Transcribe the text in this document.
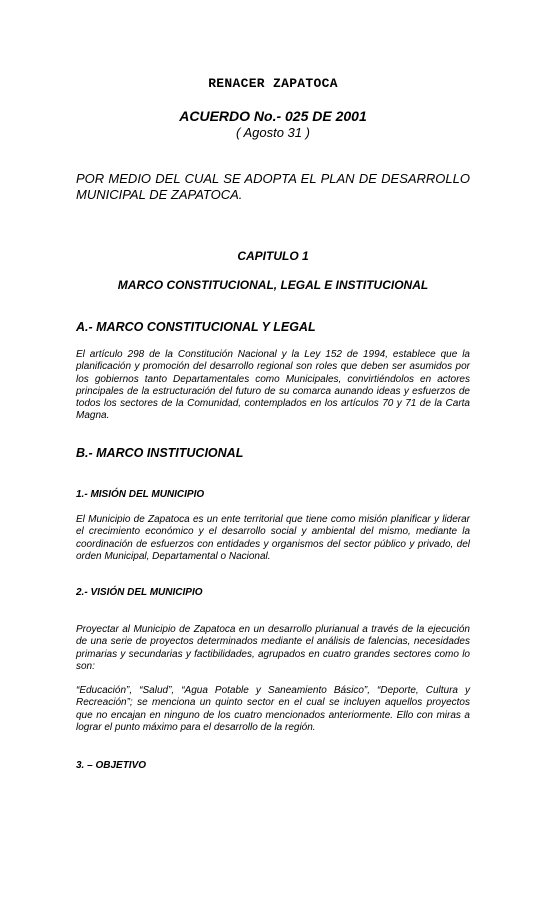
RENACER ZAPATOCA
ACUERDO No.- 025 DE 2001
( Agosto 31 )
POR MEDIO DEL CUAL SE ADOPTA EL PLAN DE DESARROLLO MUNICIPAL DE ZAPATOCA.
CAPITULO 1
MARCO CONSTITUCIONAL, LEGAL E INSTITUCIONAL
A.- MARCO CONSTITUCIONAL Y LEGAL
El artículo 298 de la Constitución Nacional y la Ley 152 de 1994, establece que la planificación y promoción del desarrollo regional son roles que deben ser asumidos por los gobiernos tanto Departamentales como Municipales, convirtiéndolos en actores principales de la estructuración del futuro de su comarca aunando ideas y esfuerzos de todos los sectores de la Comunidad, contemplados en los artículos 70 y 71 de la Carta Magna.
B.- MARCO INSTITUCIONAL
1.- MISIÓN DEL MUNICIPIO
El Municipio de Zapatoca es un ente territorial que tiene como misión planificar y liderar el crecimiento económico y el desarrollo social y ambiental del mismo, mediante la coordinación de esfuerzos con entidades y organismos del sector público y privado, del orden Municipal, Departamental o Nacional.
2.- VISIÓN DEL MUNICIPIO
Proyectar al Municipio de Zapatoca en un desarrollo plurianual a través de la ejecución de una serie de proyectos determinados mediante el análisis de falencias, necesidades primarias y secundarias y factibilidades, agrupados en cuatro grandes sectores como lo son:
“Educación”, “Salud”, “Agua Potable y Saneamiento Básico”, “Deporte, Cultura y Recreación”; se menciona un quinto sector en el cual se incluyen aquellos proyectos que no encajan en ninguno de los cuatro mencionados anteriormente. Ello con miras a lograr el punto máximo para el desarrollo de la región.
3. – OBJETIVO
